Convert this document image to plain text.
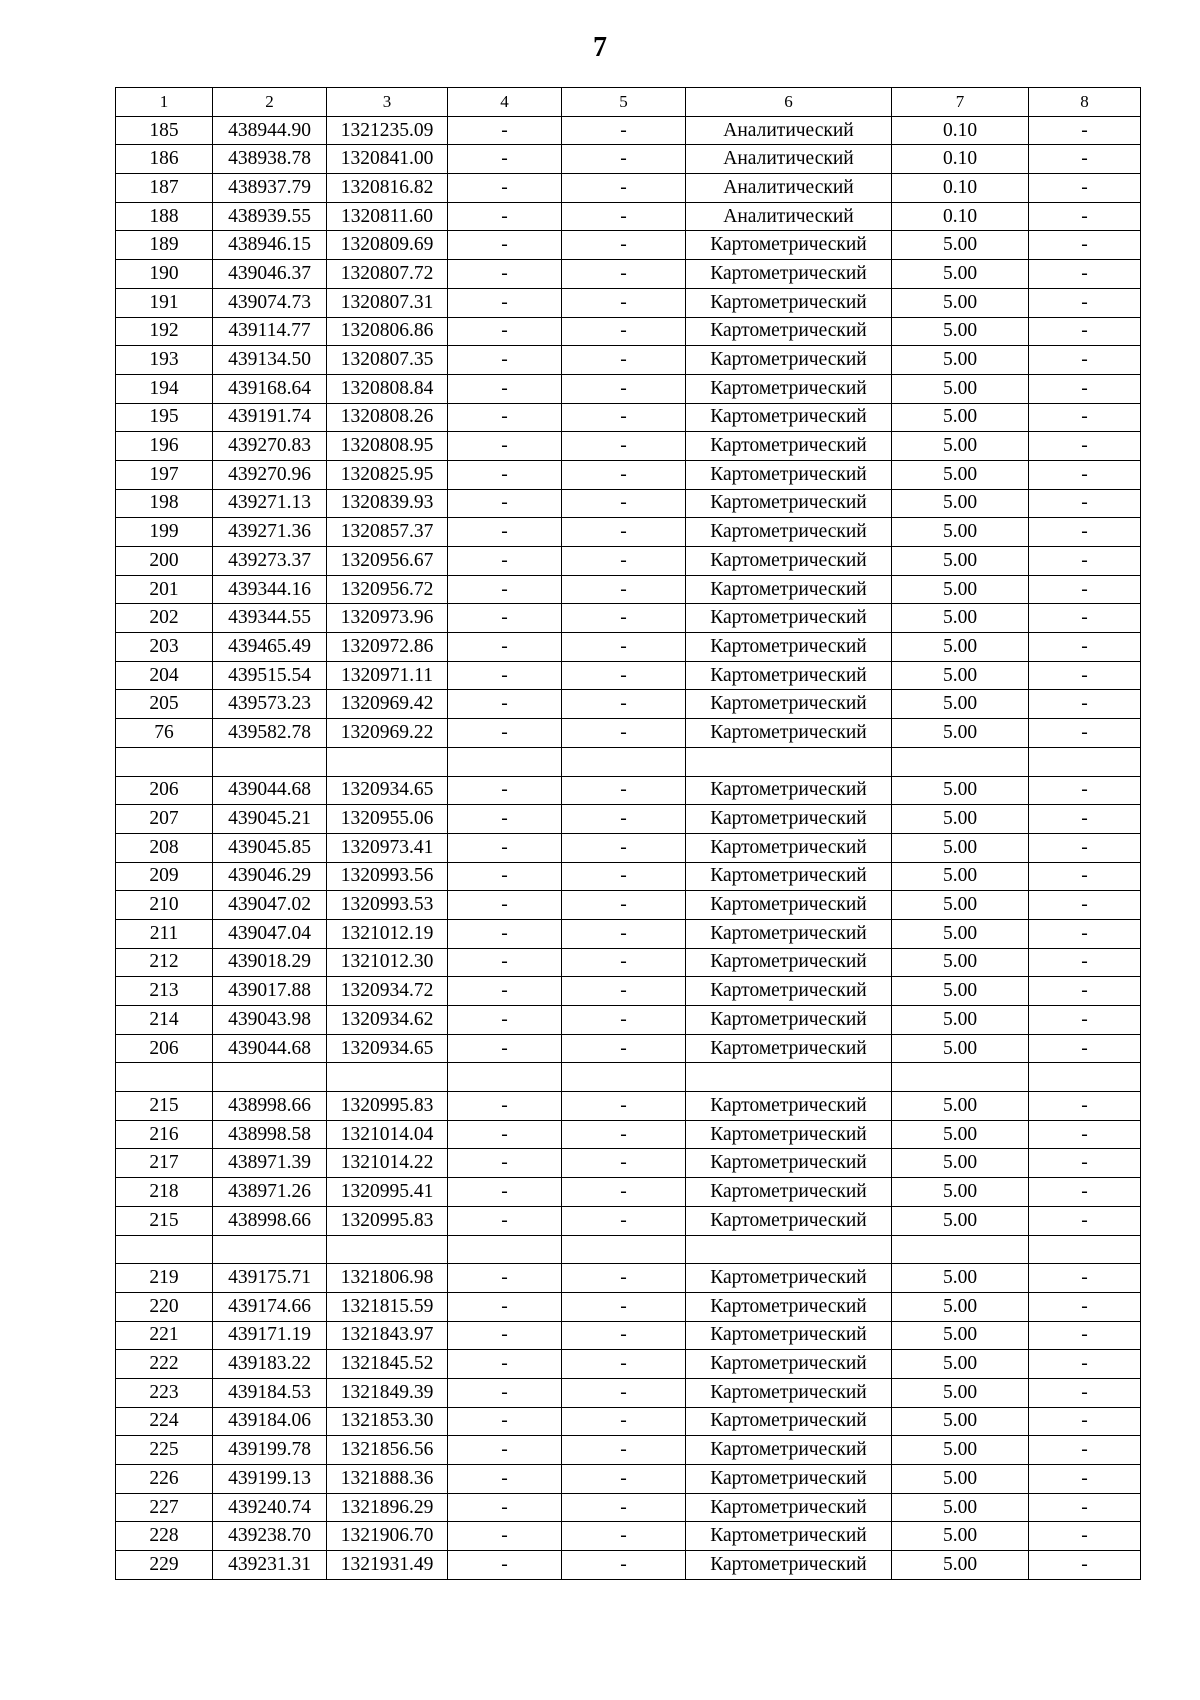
7
1	2	3	4	5	6	7	8
185	438944.90	1321235.09	-	-	Аналитический	0.10	-
186	438938.78	1320841.00	-	-	Аналитический	0.10	-
187	438937.79	1320816.82	-	-	Аналитический	0.10	-
188	438939.55	1320811.60	-	-	Аналитический	0.10	-
189	438946.15	1320809.69	-	-	Картометрический	5.00	-
190	439046.37	1320807.72	-	-	Картометрический	5.00	-
191	439074.73	1320807.31	-	-	Картометрический	5.00	-
192	439114.77	1320806.86	-	-	Картометрический	5.00	-
193	439134.50	1320807.35	-	-	Картометрический	5.00	-
194	439168.64	1320808.84	-	-	Картометрический	5.00	-
195	439191.74	1320808.26	-	-	Картометрический	5.00	-
196	439270.83	1320808.95	-	-	Картометрический	5.00	-
197	439270.96	1320825.95	-	-	Картометрический	5.00	-
198	439271.13	1320839.93	-	-	Картометрический	5.00	-
199	439271.36	1320857.37	-	-	Картометрический	5.00	-
200	439273.37	1320956.67	-	-	Картометрический	5.00	-
201	439344.16	1320956.72	-	-	Картометрический	5.00	-
202	439344.55	1320973.96	-	-	Картометрический	5.00	-
203	439465.49	1320972.86	-	-	Картометрический	5.00	-
204	439515.54	1320971.11	-	-	Картометрический	5.00	-
205	439573.23	1320969.42	-	-	Картометрический	5.00	-
76	439582.78	1320969.22	-	-	Картометрический	5.00	-

206	439044.68	1320934.65	-	-	Картометрический	5.00	-
207	439045.21	1320955.06	-	-	Картометрический	5.00	-
208	439045.85	1320973.41	-	-	Картометрический	5.00	-
209	439046.29	1320993.56	-	-	Картометрический	5.00	-
210	439047.02	1320993.53	-	-	Картометрический	5.00	-
211	439047.04	1321012.19	-	-	Картометрический	5.00	-
212	439018.29	1321012.30	-	-	Картометрический	5.00	-
213	439017.88	1320934.72	-	-	Картометрический	5.00	-
214	439043.98	1320934.62	-	-	Картометрический	5.00	-
206	439044.68	1320934.65	-	-	Картометрический	5.00	-

215	438998.66	1320995.83	-	-	Картометрический	5.00	-
216	438998.58	1321014.04	-	-	Картометрический	5.00	-
217	438971.39	1321014.22	-	-	Картометрический	5.00	-
218	438971.26	1320995.41	-	-	Картометрический	5.00	-
215	438998.66	1320995.83	-	-	Картометрический	5.00	-

219	439175.71	1321806.98	-	-	Картометрический	5.00	-
220	439174.66	1321815.59	-	-	Картометрический	5.00	-
221	439171.19	1321843.97	-	-	Картометрический	5.00	-
222	439183.22	1321845.52	-	-	Картометрический	5.00	-
223	439184.53	1321849.39	-	-	Картометрический	5.00	-
224	439184.06	1321853.30	-	-	Картометрический	5.00	-
225	439199.78	1321856.56	-	-	Картометрический	5.00	-
226	439199.13	1321888.36	-	-	Картометрический	5.00	-
227	439240.74	1321896.29	-	-	Картометрический	5.00	-
228	439238.70	1321906.70	-	-	Картометрический	5.00	-
229	439231.31	1321931.49	-	-	Картометрический	5.00	-
